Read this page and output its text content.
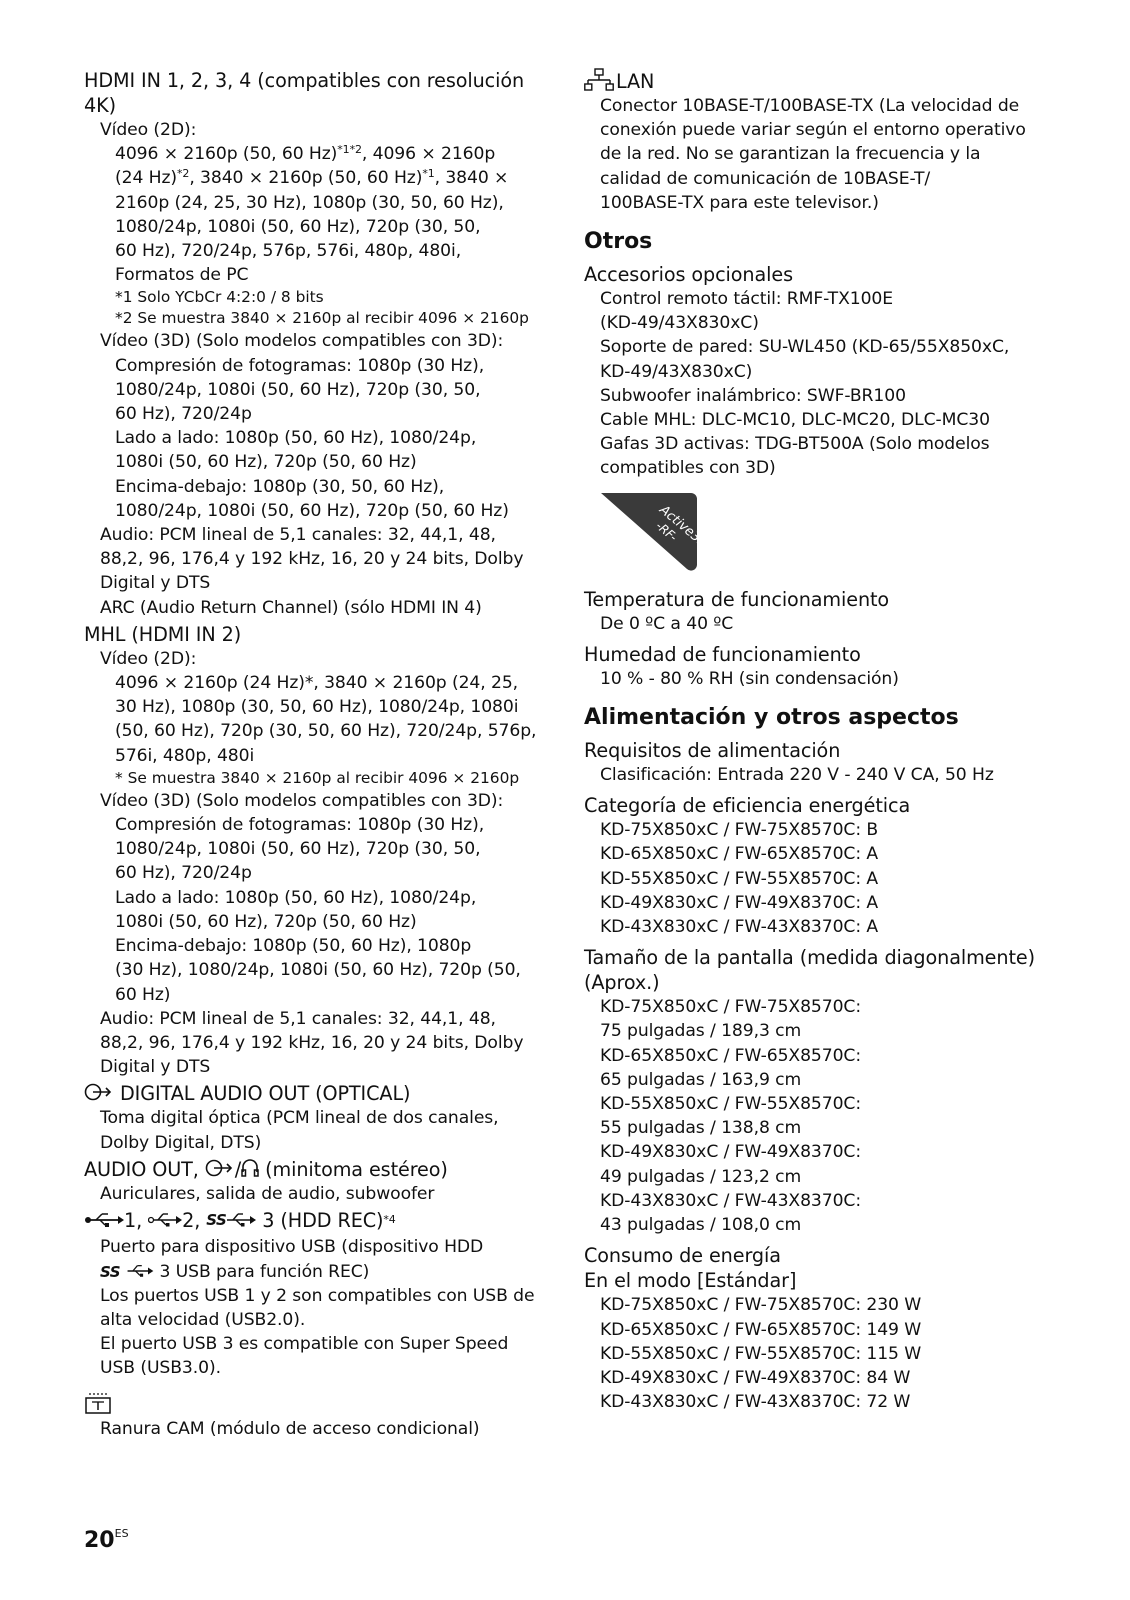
HDMI IN 1, 2, 3, 4 (compatibles con resolución
4K)
Vídeo (2D):
4096 × 2160p (50, 60 Hz)$^{*1*2}$, 4096 × 2160p
(24 Hz)$^{*2}$, 3840 × 2160p (50, 60 Hz)$^{*1}$, 3840 ×
2160p (24, 25, 30 Hz), 1080p (30, 50, 60 Hz),
1080/24p, 1080i (50, 60 Hz), 720p (30, 50,
60 Hz), 720/24p, 576p, 576i, 480p, 480i,
Formatos de PC
*1 Solo YCbCr 4:2:0 / 8 bits
*2 Se muestra 3840 × 2160p al recibir 4096 × 2160p
Vídeo (3D) (Solo modelos compatibles con 3D):
Compresión de fotogramas: 1080p (30 Hz),
1080/24p, 1080i (50, 60 Hz), 720p (30, 50,
60 Hz), 720/24p
Lado a lado: 1080p (50, 60 Hz), 1080/24p,
1080i (50, 60 Hz), 720p (50, 60 Hz)
Encima-debajo: 1080p (30, 50, 60 Hz),
1080/24p, 1080i (50, 60 Hz), 720p (50, 60 Hz)
Audio: PCM lineal de 5,1 canales: 32, 44,1, 48,
88,2, 96, 176,4 y 192 kHz, 16, 20 y 24 bits, Dolby
Digital y DTS
ARC (Audio Return Channel) (sólo HDMI IN 4)
MHL (HDMI IN 2)
Vídeo (2D):
4096 × 2160p (24 Hz)*, 3840 × 2160p (24, 25,
30 Hz), 1080p (30, 50, 60 Hz), 1080/24p, 1080i
(50, 60 Hz), 720p (30, 50, 60 Hz), 720/24p, 576p,
576i, 480p, 480i
* Se muestra 3840 × 2160p al recibir 4096 × 2160p
Vídeo (3D) (Solo modelos compatibles con 3D):
Compresión de fotogramas: 1080p (30 Hz),
1080/24p, 1080i (50, 60 Hz), 720p (30, 50,
60 Hz), 720/24p
Lado a lado: 1080p (50, 60 Hz), 1080/24p,
1080i (50, 60 Hz), 720p (50, 60 Hz)
Encima-debajo: 1080p (50, 60 Hz), 1080p
(30 Hz), 1080/24p, 1080i (50, 60 Hz), 720p (50,
60 Hz)
Audio: PCM lineal de 5,1 canales: 32, 44,1, 48,
88,2, 96, 176,4 y 192 kHz, 16, 20 y 24 bits, Dolby
Digital y DTS
DIGITAL AUDIO OUT (OPTICAL)
Toma digital óptica (PCM lineal de dos canales,
Dolby Digital, DTS)
AUDIO OUT, / (minitoma estéreo)
Auriculares, salida de audio, subwoofer
1,
2,
SS 3 (HDD REC) *4
Puerto para dispositivo USB (dispositivo HDD
SS 3 USB para función REC)
Los puertos USB 1 y 2 son compatibles con USB de
alta velocidad (USB2.0).
El puerto USB 3 es compatible con Super Speed
USB (USB3.0).
Ranura CAM (módulo de acceso condicional)
LAN
Conector 10BASE-T/100BASE-TX (La velocidad de
conexión puede variar según el entorno operativo
de la red. No se garantizan la frecuencia y la
calidad de comunicación de 10BASE-T/
100BASE-TX para este televisor.)
Otros
Accesorios opcionales
Control remoto táctil: RMF-TX100E
(KD-49/43X830xC)
Soporte de pared: SU-WL450 (KD-65/55X850xC,
KD-49/43X830xC)
Subwoofer inalámbrico: SWF-BR100
Cable MHL: DLC-MC10, DLC-MC20, DLC-MC30
Gafas 3D activas: TDG-BT500A (Solo modelos
compatibles con 3D)
Active3D
-RF-
Temperatura de funcionamiento
De 0 ºC a 40 ºC
Humedad de funcionamiento
10 % - 80 % RH (sin condensación)
Alimentación y otros aspectos
Requisitos de alimentación
Clasificación: Entrada 220 V - 240 V CA, 50 Hz
Categoría de eficiencia energética
KD-75X850xC / FW-75X8570C: B
KD-65X850xC / FW-65X8570C: A
KD-55X850xC / FW-55X8570C: A
KD-49X830xC / FW-49X8370C: A
KD-43X830xC / FW-43X8370C: A
Tamaño de la pantalla (medida diagonalmente)
(Aprox.)
KD-75X850xC / FW-75X8570C:
75 pulgadas / 189,3 cm
KD-65X850xC / FW-65X8570C:
65 pulgadas / 163,9 cm
KD-55X850xC / FW-55X8570C:
55 pulgadas / 138,8 cm
KD-49X830xC / FW-49X8370C:
49 pulgadas / 123,2 cm
KD-43X830xC / FW-43X8370C:
43 pulgadas / 108,0 cm
Consumo de energía
En el modo [Estándar]
KD-75X850xC / FW-75X8570C: 230 W
KD-65X850xC / FW-65X8570C: 149 W
KD-55X850xC / FW-55X8570C: 115 W
KD-49X830xC / FW-49X8370C: 84 W
KD-43X830xC / FW-43X8370C: 72 W
$20^{ES}$
